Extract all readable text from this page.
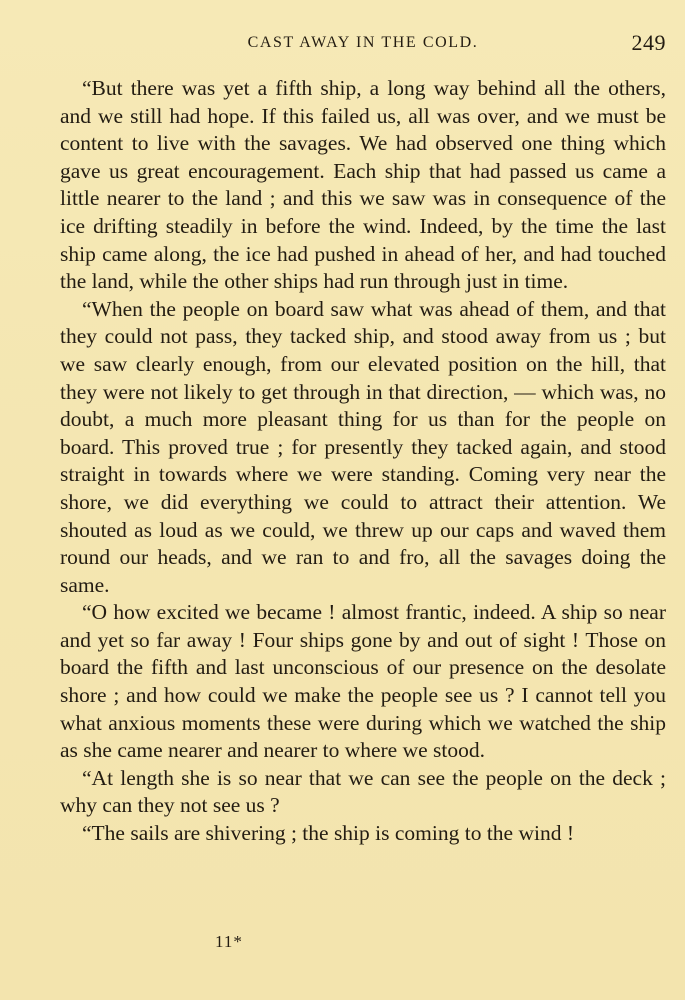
CAST AWAY IN THE COLD.	249

“But there was yet a fifth ship, a long way behind all the others, and we still had hope. If this failed us, all was over, and we must be content to live with the savages. We had observed one thing which gave us great encouragement. Each ship that had passed us came a little nearer to the land ; and this we saw was in consequence of the ice drifting steadily in before the wind. Indeed, by the time the last ship came along, the ice had pushed in ahead of her, and had touched the land, while the other ships had run through just in time.

“When the people on board saw what was ahead of them, and that they could not pass, they tacked ship, and stood away from us ; but we saw clearly enough, from our elevated position on the hill, that they were not likely to get through in that direction, — which was, no doubt, a much more pleasant thing for us than for the people on board. This proved true ; for presently they tacked again, and stood straight in towards where we were standing. Coming very near the shore, we did everything we could to attract their attention. We shouted as loud as we could, we threw up our caps and waved them round our heads, and we ran to and fro, all the savages doing the same.

“O how excited we became ! almost frantic, indeed. A ship so near and yet so far away ! Four ships gone by and out of sight ! Those on board the fifth and last unconscious of our presence on the desolate shore ; and how could we make the people see us ? I cannot tell you what anxious moments these were during which we watched the ship as she came nearer and nearer to where we stood.

“At length she is so near that we can see the people on the deck ; why can they not see us ?

“The sails are shivering ; the ship is coming to the wind !

11*
